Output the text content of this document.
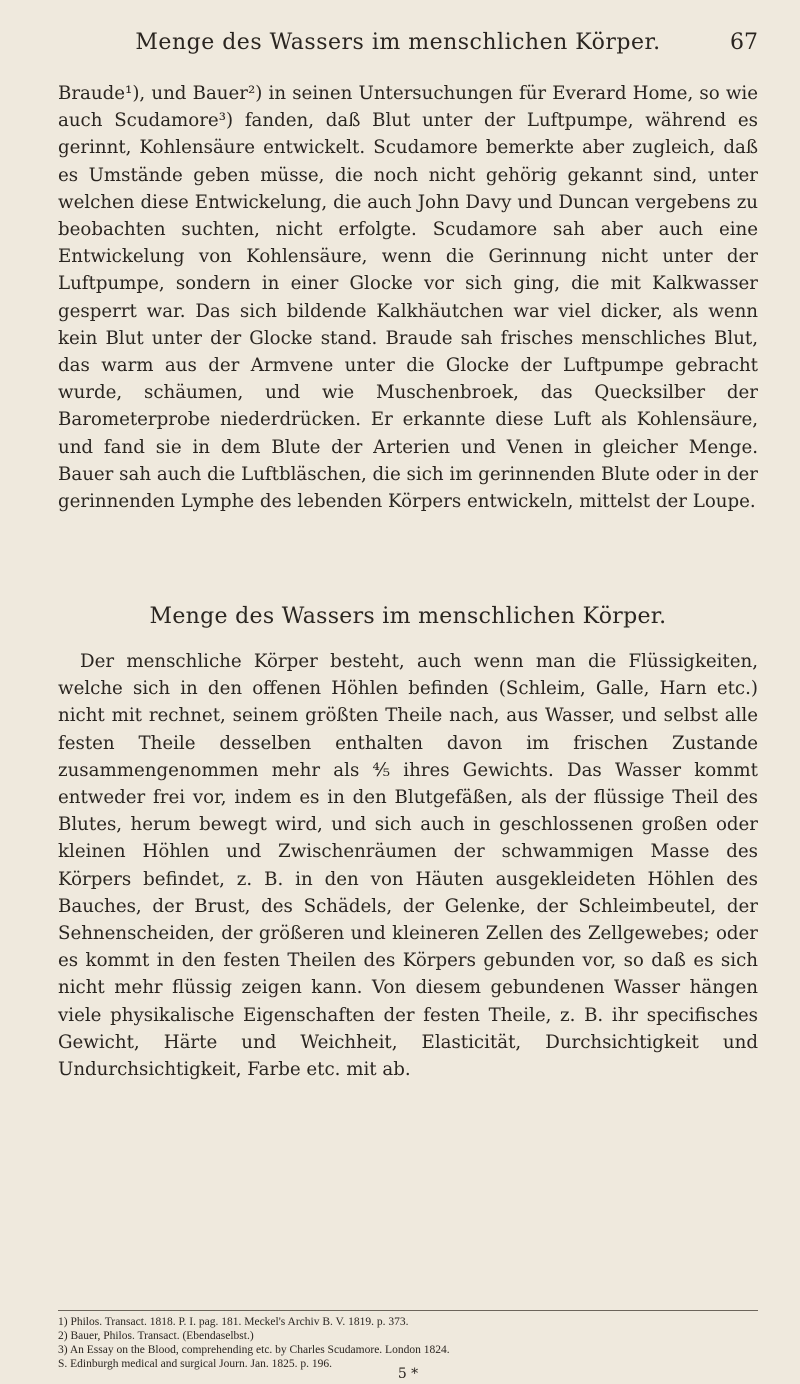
Menge des Wassers im menschlichen Körper.	67

Braude¹), und Bauer²) in seinen Untersuchungen für Everard Home, so wie auch Scudamore³) fanden, daß Blut unter der Luftpumpe, während es gerinnt, Kohlensäure entwickelt. Scudamore bemerkte aber zugleich, daß es Umstände geben müsse, die noch nicht gehörig gekannt sind, unter welchen diese Entwickelung, die auch John Davy und Duncan vergebens zu beobachten suchten, nicht erfolgte. Scudamore sah aber auch eine Entwickelung von Kohlensäure, wenn die Gerinnung nicht unter der Luftpumpe, sondern in einer Glocke vor sich ging, die mit Kalkwasser gesperrt war. Das sich bildende Kalkhäutchen war viel dicker, als wenn kein Blut unter der Glocke stand. Braude sah frisches menschliches Blut, das warm aus der Armvene unter die Glocke der Luftpumpe gebracht wurde, schäumen, und wie Muschenbroek, das Quecksilber der Barometerprobe niederdrücken. Er erkannte diese Luft als Kohlensäure, und fand sie in dem Blute der Arterien und Venen in gleicher Menge. Bauer sah auch die Luftbläschen, die sich im gerinnenden Blute oder in der gerinnenden Lymphe des lebenden Körpers entwickeln, mittelst der Loupe.

Menge des Wassers im menschlichen Körper.

Der menschliche Körper besteht, auch wenn man die Flüssigkeiten, welche sich in den offenen Höhlen befinden (Schleim, Galle, Harn etc.) nicht mit rechnet, seinem größten Theile nach, aus Wasser, und selbst alle festen Theile desselben enthalten davon im frischen Zustande zusammengenommen mehr als ⁴⁄₅ ihres Gewichts. Das Wasser kommt entweder frei vor, indem es in den Blutgefäßen, als der flüssige Theil des Blutes, herum bewegt wird, und sich auch in geschlossenen großen oder kleinen Höhlen und Zwischenräumen der schwammigen Masse des Körpers befindet, z. B. in den von Häuten ausgekleideten Höhlen des Bauches, der Brust, des Schädels, der Gelenke, der Schleimbeutel, der Sehnenscheiden, der größeren und kleineren Zellen des Zellgewebes; oder es kommt in den festen Theilen des Körpers gebunden vor, so daß es sich nicht mehr flüssig zeigen kann. Von diesem gebundenen Wasser hängen viele physikalische Eigenschaften der festen Theile, z. B. ihr specifisches Gewicht, Härte und Weichheit, Elasticität, Durchsichtigkeit und Undurchsichtigkeit, Farbe etc. mit ab.

1) Philos. Transact. 1818. P. I. pag. 181. Meckel's Archiv B. V. 1819. p. 373.
2) Bauer, Philos. Transact. (Ebendaselbst.)
3) An Essay on the Blood, comprehending etc. by Charles Scudamore. London 1824.
S. Edinburgh medical and surgical Journ. Jan. 1825. p. 196.
5 *
